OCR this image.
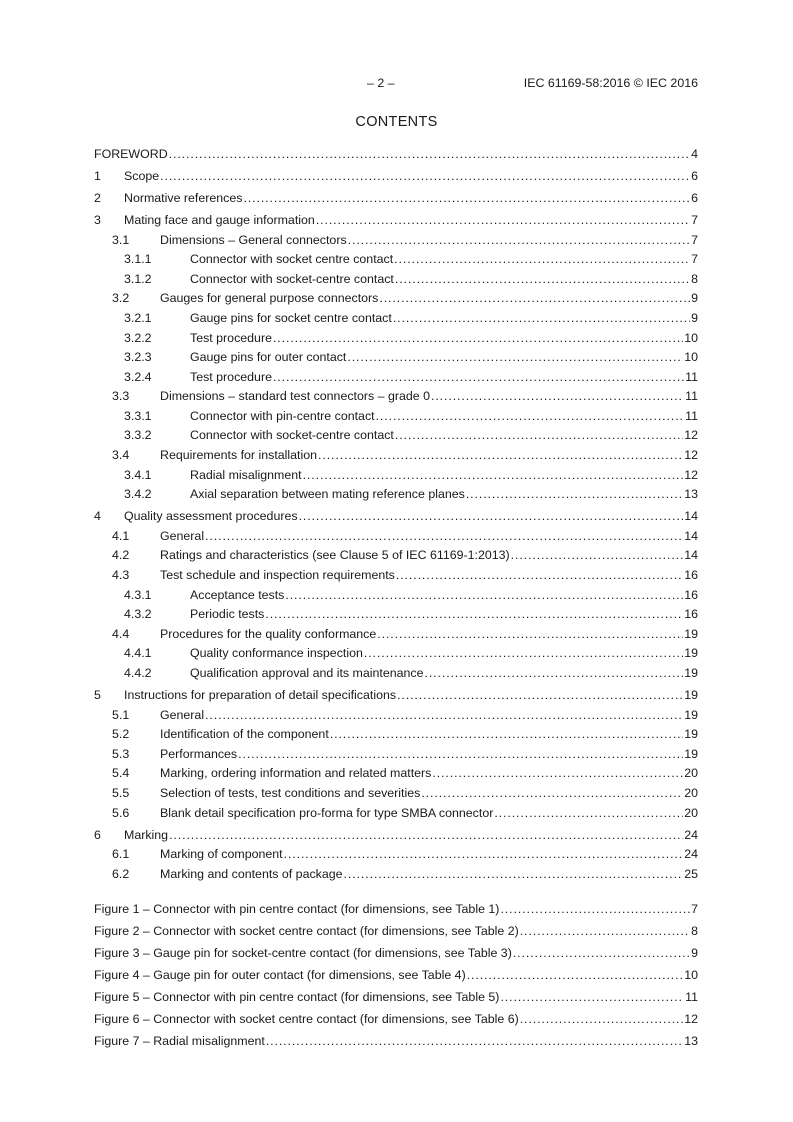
– 2 –	IEC 61169-58:2016 © IEC 2016
CONTENTS
FOREWORD .....	4
1	Scope .....	6
2	Normative references .....	6
3	Mating face and gauge information .....	7
3.1	Dimensions – General connectors .....	7
3.1.1	Connector with socket centre contact .....	7
3.1.2	Connector with socket-centre contact .....	8
3.2	Gauges for general purpose connectors .....	9
3.2.1	Gauge pins for socket centre contact .....	9
3.2.2	Test procedure .....	10
3.2.3	Gauge pins for outer contact .....	10
3.2.4	Test procedure .....	11
3.3	Dimensions – standard test connectors – grade 0 .....	11
3.3.1	Connector with pin-centre contact .....	11
3.3.2	Connector with socket-centre contact .....	12
3.4	Requirements for installation .....	12
3.4.1	Radial misalignment .....	12
3.4.2	Axial separation between mating reference planes .....	13
4	Quality assessment procedures .....	14
4.1	General .....	14
4.2	Ratings and characteristics (see Clause 5 of IEC 61169-1:2013) .....	14
4.3	Test schedule and inspection requirements .....	16
4.3.1	Acceptance tests .....	16
4.3.2	Periodic tests .....	16
4.4	Procedures for the quality conformance .....	19
4.4.1	Quality conformance inspection .....	19
4.4.2	Qualification approval and its maintenance .....	19
5	Instructions for preparation of detail specifications .....	19
5.1	General .....	19
5.2	Identification of the component .....	19
5.3	Performances .....	19
5.4	Marking, ordering information and related matters .....	20
5.5	Selection of tests, test conditions and severities .....	20
5.6	Blank detail specification pro-forma for type SMBA connector .....	20
6	Marking .....	24
6.1	Marking of component .....	24
6.2	Marking and contents of package .....	25
Figure 1 – Connector with pin centre contact (for dimensions, see Table 1) .....	7
Figure 2 – Connector with socket centre contact (for dimensions, see Table 2) .....	8
Figure 3 – Gauge pin for socket-centre contact (for dimensions, see Table 3) .....	9
Figure 4 – Gauge pin for outer contact (for dimensions, see Table 4) .....	10
Figure 5 – Connector with pin centre contact (for dimensions, see Table 5) .....	11
Figure 6 – Connector with socket centre contact (for dimensions, see Table 6) .....	12
Figure 7 – Radial misalignment .....	13
